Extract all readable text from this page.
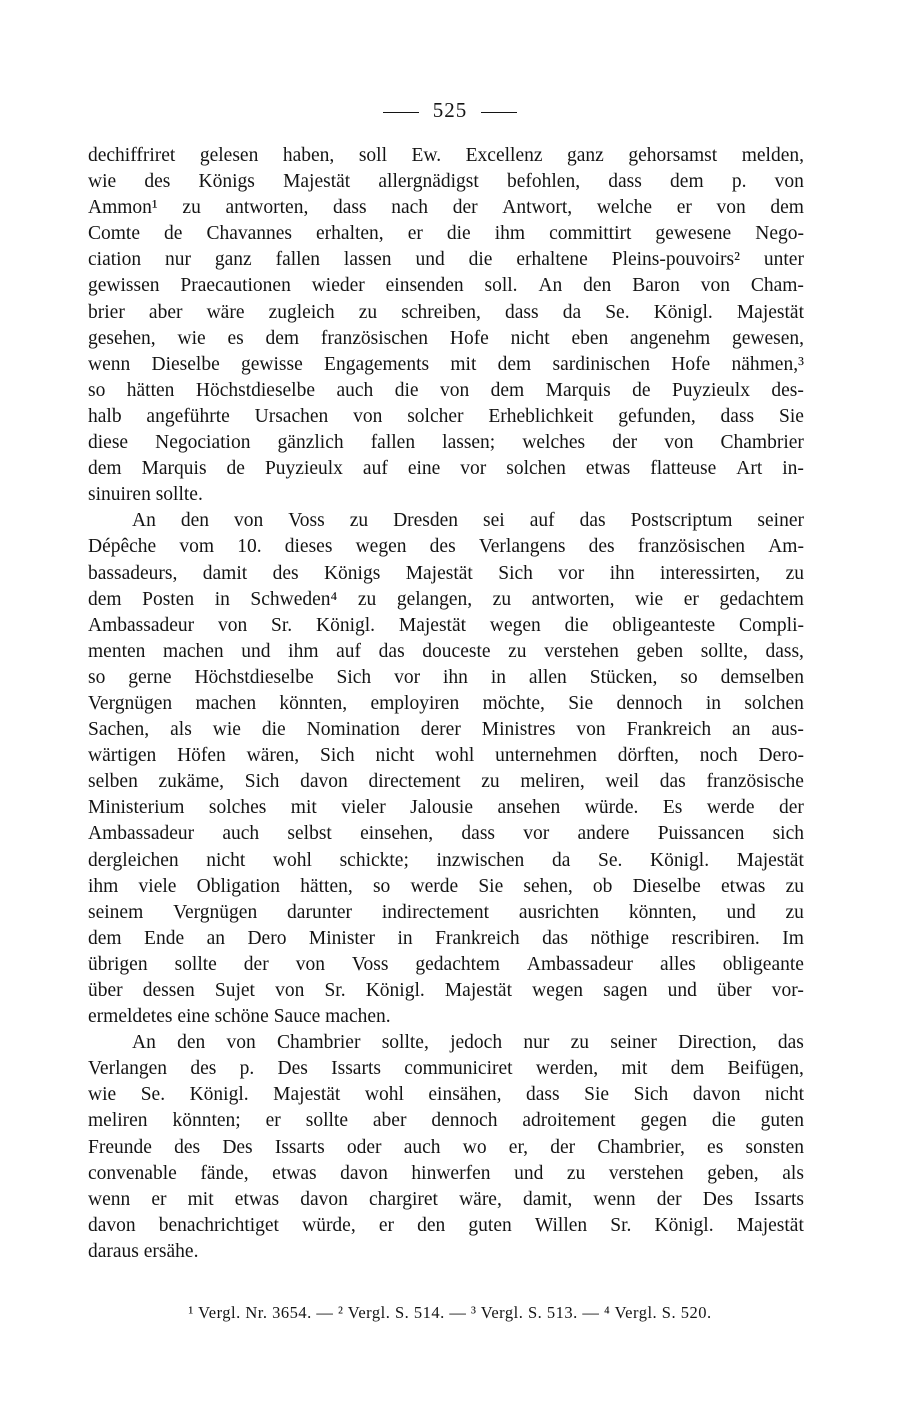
525
dechiffriret gelesen haben, soll Ew. Excellenz ganz gehorsamst melden,
wie des Königs Majestät allergnädigst befohlen, dass dem p. von
Ammon¹ zu antworten, dass nach der Antwort, welche er von dem
Comte de Chavannes erhalten, er die ihm committirt gewesene Nego-
ciation nur ganz fallen lassen und die erhaltene Pleins-pouvoirs² unter
gewissen Praecautionen wieder einsenden soll. An den Baron von Cham-
brier aber wäre zugleich zu schreiben, dass da Se. Königl. Majestät
gesehen, wie es dem französischen Hofe nicht eben angenehm gewesen,
wenn Dieselbe gewisse Engagements mit dem sardinischen Hofe nähmen,³
so hätten Höchstdieselbe auch die von dem Marquis de Puyzieulx des-
halb angeführte Ursachen von solcher Erheblichkeit gefunden, dass Sie
diese Negociation gänzlich fallen lassen; welches der von Chambrier
dem Marquis de Puyzieulx auf eine vor solchen etwas flatteuse Art in-
sinuiren sollte.
An den von Voss zu Dresden sei auf das Postscriptum seiner
Dépêche vom 10. dieses wegen des Verlangens des französischen Am-
bassadeurs, damit des Königs Majestät Sich vor ihn interessirten, zu
dem Posten in Schweden⁴ zu gelangen, zu antworten, wie er gedachtem
Ambassadeur von Sr. Königl. Majestät wegen die obligeanteste Compli-
menten machen und ihm auf das douceste zu verstehen geben sollte, dass,
so gerne Höchstdieselbe Sich vor ihn in allen Stücken, so demselben
Vergnügen machen könnten, employiren möchte, Sie dennoch in solchen
Sachen, als wie die Nomination derer Ministres von Frankreich an aus-
wärtigen Höfen wären, Sich nicht wohl unternehmen dörften, noch Dero-
selben zukäme, Sich davon directement zu meliren, weil das französische
Ministerium solches mit vieler Jalousie ansehen würde. Es werde der
Ambassadeur auch selbst einsehen, dass vor andere Puissancen sich
dergleichen nicht wohl schickte; inzwischen da Se. Königl. Majestät
ihm viele Obligation hätten, so werde Sie sehen, ob Dieselbe etwas zu
seinem Vergnügen darunter indirectement ausrichten könnten, und zu
dem Ende an Dero Minister in Frankreich das nöthige rescribiren. Im
übrigen sollte der von Voss gedachtem Ambassadeur alles obligeante
über dessen Sujet von Sr. Königl. Majestät wegen sagen und über vor-
ermeldetes eine schöne Sauce machen.
An den von Chambrier sollte, jedoch nur zu seiner Direction, das
Verlangen des p. Des Issarts communiciret werden, mit dem Beifügen,
wie Se. Königl. Majestät wohl einsähen, dass Sie Sich davon nicht
meliren könnten; er sollte aber dennoch adroitement gegen die guten
Freunde des Des Issarts oder auch wo er, der Chambrier, es sonsten
convenable fände, etwas davon hinwerfen und zu verstehen geben, als
wenn er mit etwas davon chargiret wäre, damit, wenn der Des Issarts
davon benachrichtiget würde, er den guten Willen Sr. Königl. Majestät
daraus ersähe.
¹ Vergl. Nr. 3654. — ² Vergl. S. 514. — ³ Vergl. S. 513. — ⁴ Vergl. S. 520.
